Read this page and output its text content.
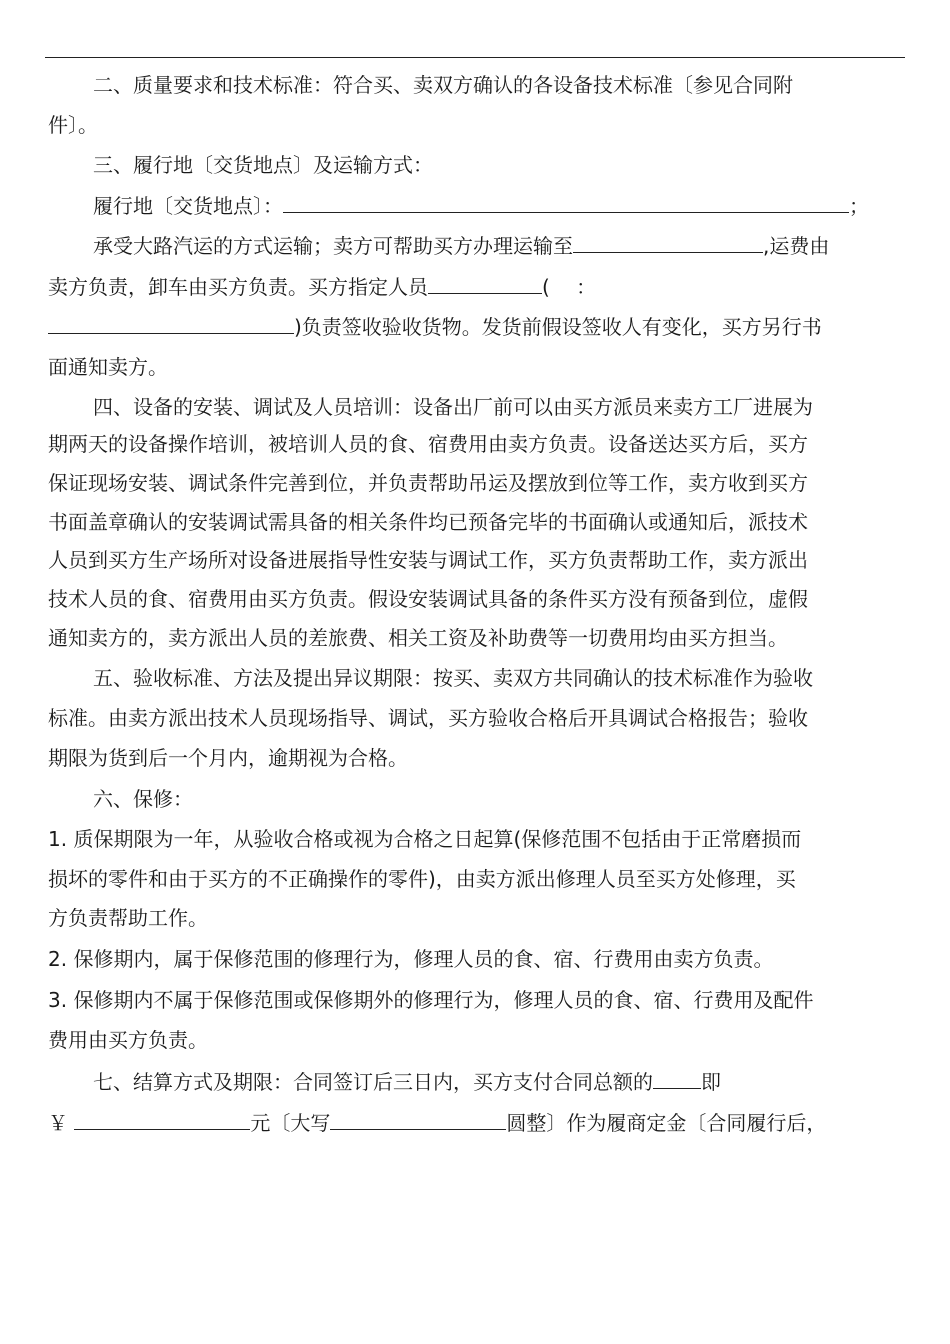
二、质量要求和技术标准：符合买、卖双方确认的各设备技术标准〔参见合同附
件〕。
三、履行地〔交货地点〕及运输方式：
履行地〔交货地点〕：	；
承受大路汽运的方式运输；卖方可帮助买方办理运输至	,运费由
卖方负责，卸车由买方负责。买方指定人员	(　 ：
)负责签收验收货物。发货前假设签收人有变化，买方另行书
面通知卖方。
四、设备的安装、调试及人员培训：设备出厂前可以由买方派员来卖方工厂进展为
期两天的设备操作培训，被培训人员的食、宿费用由卖方负责。设备送达买方后，买方
保证现场安装、调试条件完善到位，并负责帮助吊运及摆放到位等工作，卖方收到买方
书面盖章确认的安装调试需具备的相关条件均已预备完毕的书面确认或通知后，派技术
人员到买方生产场所对设备进展指导性安装与调试工作，买方负责帮助工作，卖方派出
技术人员的食、宿费用由买方负责。假设安装调试具备的条件买方没有预备到位，虚假
通知卖方的，卖方派出人员的差旅费、相关工资及补助费等一切费用均由买方担当。
五、验收标准、方法及提出异议期限：按买、卖双方共同确认的技术标准作为验收
标准。由卖方派出技术人员现场指导、调试，买方验收合格后开具调试合格报告；验收
期限为货到后一个月内，逾期视为合格。
六、保修：
1. 质保期限为一年，从验收合格或视为合格之日起算(保修范围不包括由于正常磨损而
损坏的零件和由于买方的不正确操作的零件)，由卖方派出修理人员至买方处修理，买
方负责帮助工作。
2. 保修期内，属于保修范围的修理行为，修理人员的食、宿、行费用由卖方负责。
3. 保修期内不属于保修范围或保修期外的修理行为，修理人员的食、宿、行费用及配件
费用由买方负责。
七、结算方式及期限：合同签订后三日内，买方支付合同总额的 即
￥	元〔大写	圆整〕作为履商定金〔合同履行后，
